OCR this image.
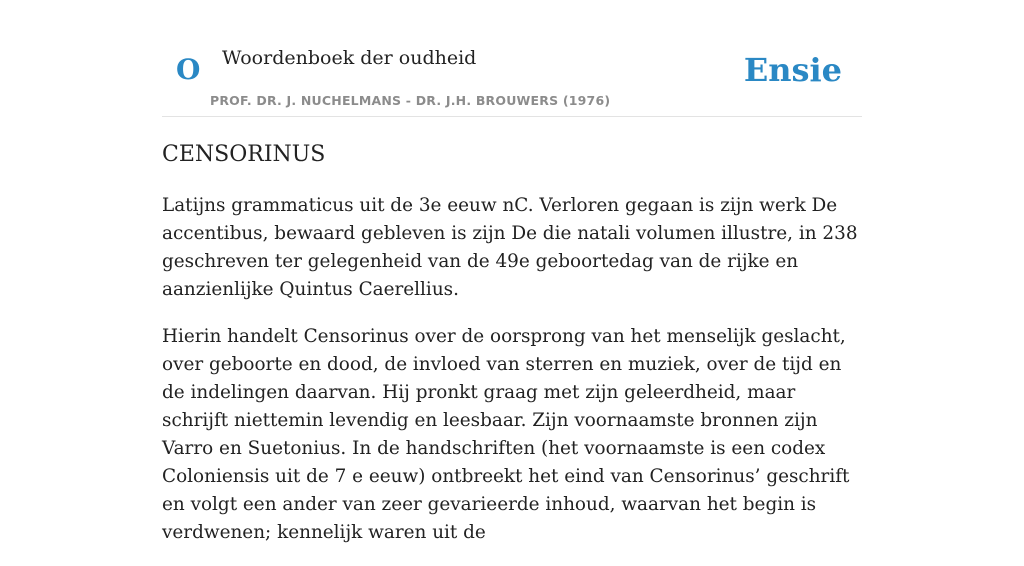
O Woordenboek der oudheid
PROF. DR. J. NUCHELMANS - DR. J.H. BROUWERS (1976)
Ensie
CENSORINUS

Latijns grammaticus uit de 3e eeuw nC. Verloren gegaan is zijn werk De accentibus, bewaard gebleven is zijn De die natali volumen illustre, in 238 geschreven ter gelegenheid van de 49e geboortedag van de rijke en aanzienlijke Quintus Caerellius.

Hierin handelt Censorinus over de oorsprong van het menselijk geslacht, over geboorte en dood, de invloed van sterren en muziek, over de tijd en de indelingen daarvan. Hij pronkt graag met zijn geleerdheid, maar schrijft niettemin levendig en leesbaar. Zijn voornaamste bronnen zijn Varro en Suetonius. In de handschriften (het voornaamste is een codex Coloniensis uit de 7 e eeuw) ontbreekt het eind van Censorinus’ geschrift en volgt een ander van zeer gevarieerde inhoud, waarvan het begin is verdwenen; kennelijk waren uit de
